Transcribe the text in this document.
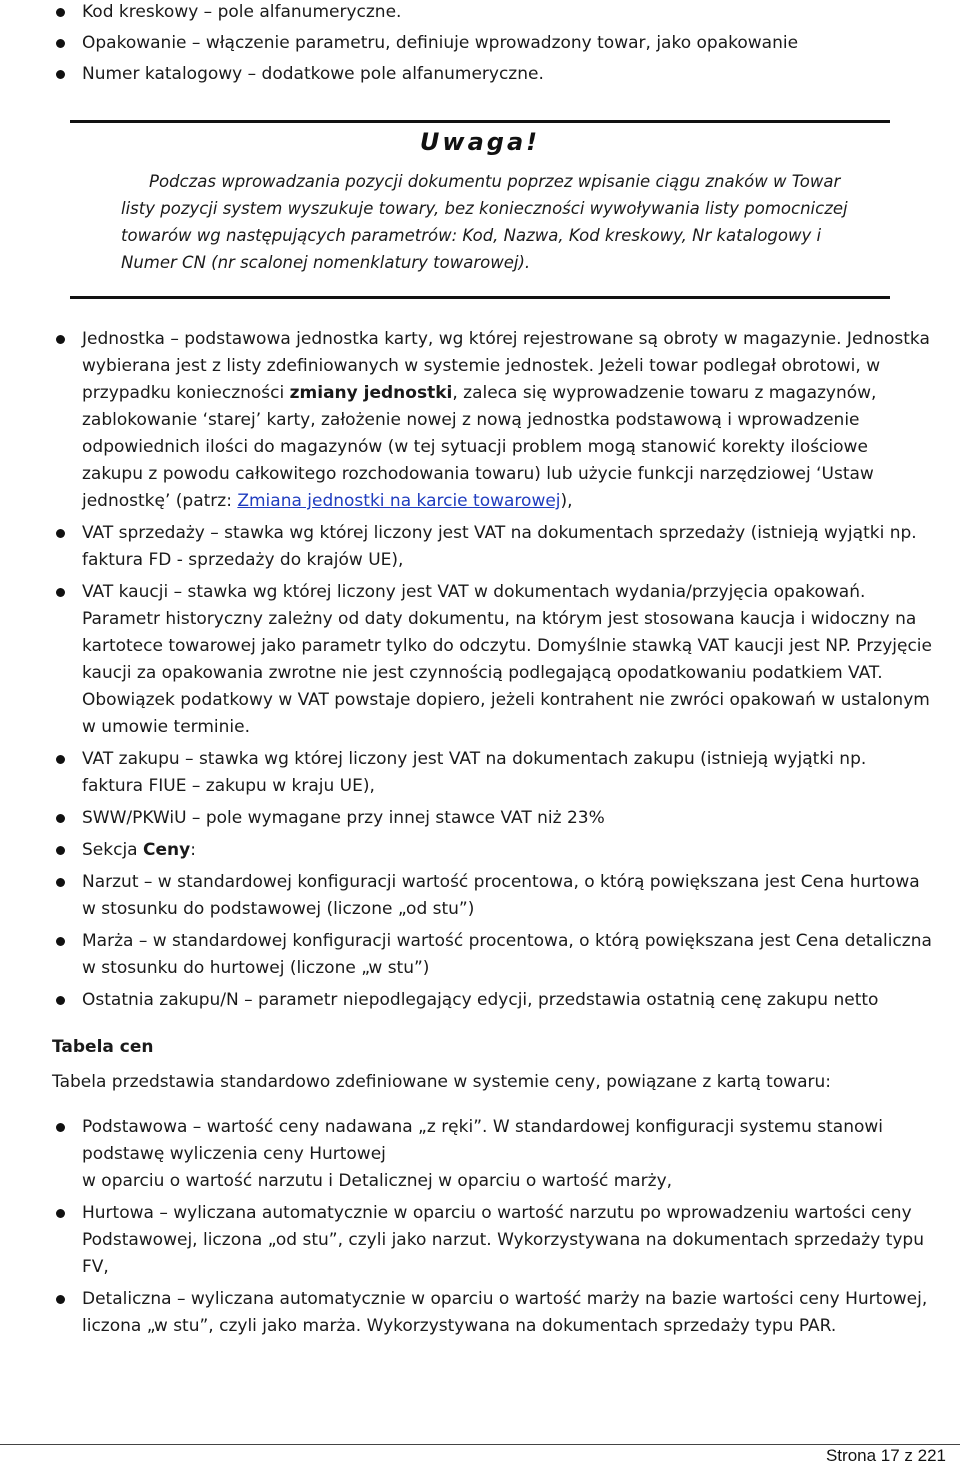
Kod kreskowy – pole alfanumeryczne.
Opakowanie – włączenie parametru, definiuje wprowadzony towar, jako opakowanie
Numer katalogowy – dodatkowe pole alfanumeryczne.
Uwaga!
Podczas wprowadzania pozycji dokumentu poprzez wpisanie ciągu znaków w Towar listy pozycji system wyszukuje towary, bez konieczności wywoływania listy pomocniczej towarów wg następujących parametrów: Kod, Nazwa, Kod kreskowy, Nr katalogowy i Numer CN (nr scalonej nomenklatury towarowej).
Jednostka – podstawowa jednostka karty, wg której rejestrowane są obroty w magazynie. Jednostka wybierana jest z listy zdefiniowanych w systemie jednostek. Jeżeli towar podlegał obrotowi, w przypadku konieczności zmiany jednostki, zaleca się wyprowadzenie towaru z magazynów, zablokowanie ‘starej’ karty, założenie nowej z nową jednostka podstawową i wprowadzenie odpowiednich ilości do magazynów (w tej sytuacji problem mogą stanowić korekty ilościowe zakupu z powodu całkowitego rozchodowania towaru) lub użycie funkcji narzędziowej ‘Ustaw jednostkę’ (patrz: Zmiana jednostki na karcie towarowej),
VAT sprzedaży – stawka wg której liczony jest VAT na dokumentach sprzedaży (istnieją wyjątki np. faktura FD - sprzedaży do krajów UE),
VAT kaucji – stawka wg której liczony jest VAT w dokumentach wydania/przyjęcia opakowań. Parametr historyczny zależny od daty dokumentu, na którym jest stosowana kaucja i widoczny na kartotece towarowej jako parametr tylko do odczytu. Domyślnie stawką VAT kaucji jest NP. Przyjęcie kaucji za opakowania zwrotne nie jest czynnością podlegającą opodatkowaniu podatkiem VAT. Obowiązek podatkowy w VAT powstaje dopiero, jeżeli kontrahent nie zwróci opakowań w ustalonym w umowie terminie.
VAT zakupu – stawka wg której liczony jest VAT na dokumentach zakupu (istnieją wyjątki np. faktura FIUE – zakupu w kraju UE),
SWW/PKWiU – pole wymagane przy innej stawce VAT niż 23%
Sekcja Ceny:
Narzut – w standardowej konfiguracji wartość procentowa, o którą powiększana jest Cena hurtowa w stosunku do podstawowej (liczone „od stu”)
Marża – w standardowej konfiguracji wartość procentowa, o którą powiększana jest Cena detaliczna w stosunku do hurtowej (liczone „w stu”)
Ostatnia zakupu/N – parametr niepodlegający edycji, przedstawia ostatnią cenę zakupu netto
Tabela cen
Tabela przedstawia standardowo zdefiniowane w systemie ceny, powiązane z kartą towaru:
Podstawowa – wartość ceny nadawana „z ręki”. W standardowej konfiguracji systemu stanowi podstawę wyliczenia ceny Hurtowej
w oparciu o wartość narzutu i Detalicznej w oparciu o wartość marży,
Hurtowa – wyliczana automatycznie w oparciu o wartość narzutu po wprowadzeniu wartości ceny Podstawowej, liczona „od stu”, czyli jako narzut. Wykorzystywana na dokumentach sprzedaży typu FV,
Detaliczna – wyliczana automatycznie w oparciu o wartość marży na bazie wartości ceny Hurtowej, liczona „w stu”, czyli jako marża. Wykorzystywana na dokumentach sprzedaży typu PAR.
Strona 17 z 221
